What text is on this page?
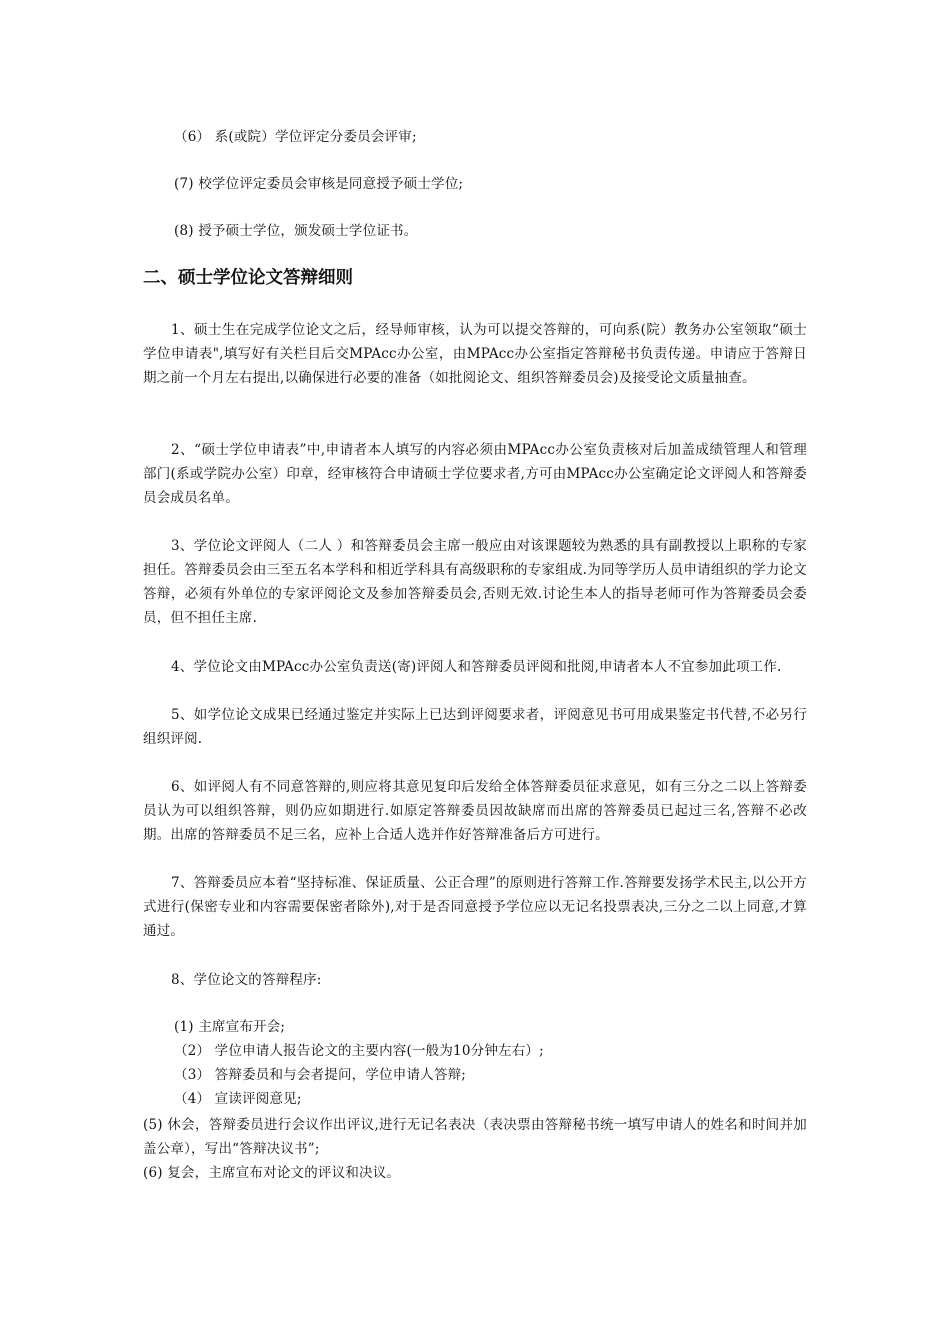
（6） 系(或院）学位评定分委员会评审;
(7) 校学位评定委员会审核是同意授予硕士学位;
(8) 授予硕士学位，颁发硕士学位证书。
二、硕士学位论文答辩细则
1、硕士生在完成学位论文之后，经导师审核，认为可以提交答辩的，可向系(院）教务办公室领取“硕士学位申请表",填写好有关栏目后交MPAcc办公室，由MPAcc办公室指定答辩秘书负责传递。申请应于答辩日期之前一个月左右提出,以确保进行必要的准备（如批阅论文、组织答辩委员会)及接受论文质量抽查。
2、“硕士学位申请表”中,申请者本人填写的内容必须由MPAcc办公室负责核对后加盖成绩管理人和管理部门(系或学院办公室）印章，经审核符合申请硕士学位要求者,方可由MPAcc办公室确定论文评阅人和答辩委员会成员名单。
3、学位论文评阅人（二人 ）和答辩委员会主席一般应由对该课题较为熟悉的具有副教授以上职称的专家担任。答辩委员会由三至五名本学科和相近学科具有高级职称的专家组成.为同等学历人员申请组织的学力论文答辩，必须有外单位的专家评阅论文及参加答辩委员会,否则无效.讨论生本人的指导老师可作为答辩委员会委员，但不担任主席.
4、学位论文由MPAcc办公室负责送(寄)评阅人和答辩委员评阅和批阅,申请者本人不宜参加此项工作.
5、如学位论文成果已经通过鉴定并实际上已达到评阅要求者，评阅意见书可用成果鉴定书代替,不必另行组织评阅.
6、如评阅人有不同意答辩的,则应将其意见复印后发给全体答辩委员征求意见，如有三分之二以上答辩委员认为可以组织答辩，则仍应如期进行.如原定答辩委员因故缺席而出席的答辩委员已起过三名,答辩不必改期。出席的答辩委员不足三名，应补上合适人选并作好答辩准备后方可进行。
7、答辩委员应本着“坚持标准、保证质量、公正合理”的原则进行答辩工作.答辩要发扬学术民主,以公开方式进行(保密专业和内容需要保密者除外),对于是否同意授予学位应以无记名投票表决,三分之二以上同意,才算通过。
8、学位论文的答辩程序:
(1) 主席宣布开会;
（2） 学位申请人报告论文的主要内容(一般为10分钟左右）;
（3） 答辩委员和与会者提问，学位申请人答辩;
（4） 宣读评阅意见;
(5) 休会，答辩委员进行会议作出评议,进行无记名表决（表决票由答辩秘书统一填写申请人的姓名和时间并加盖公章），写出“答辩决议书”;
(6) 复会，主席宣布对论文的评议和决议。
